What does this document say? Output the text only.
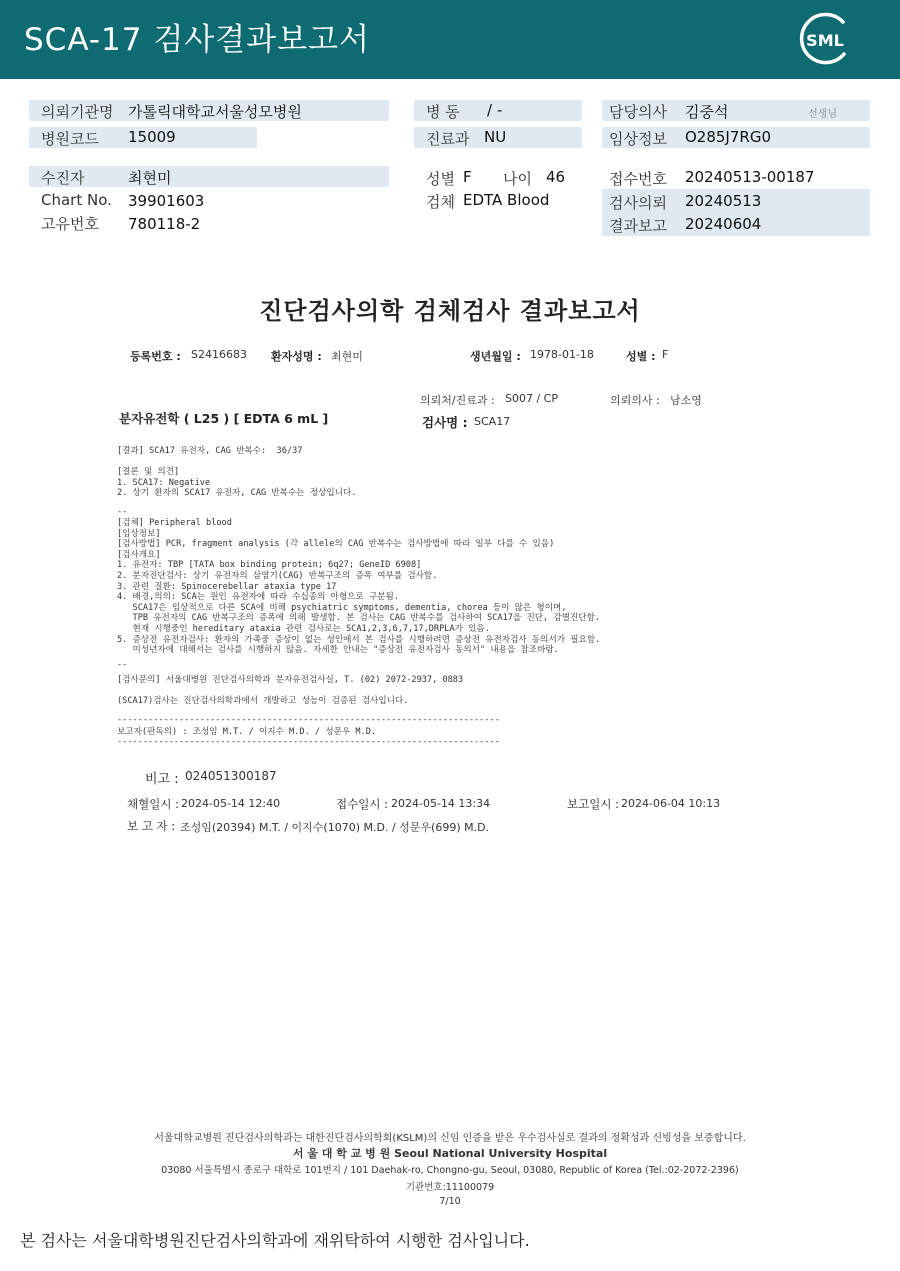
SCA-17 검사결과보고서	SML
의뢰기관명 가톨릭대학교서울성모병원
병원코드 15009
병 동 / -
진료과 NU
담당의사 김중석	선생님
임상정보 O285J7RG0
수진자	최현미
Chart No. 39901603
고유번호 780118-2
성별 F 나이 46
검체 EDTA Blood
접수번호 20240513-00187
검사의뢰 20240513
결과보고 20240604
진단검사의학 검체검사 결과보고서
등록번호 : S2416683 환자성명 : 최현미	생년월일 : 1978-01-18	성별 : F
의뢰처/진료과 : S007 / CP	의뢰의사 : 남소영
분자유전학 ( L25 ) [ EDTA 6 mL ]	검사명 : SCA17
[결과] SCA17 유전자, CAG 반복수:  36/37
[결론 및 의견]
1. SCA17: Negative
2. 상기 환자의 SCA17 유전자, CAG 반복수는 정상입니다.
--
[검체] Peripheral blood
[임상정보]
[검사방법] PCR, fragment analysis (각 allele의 CAG 반복수는 검사방법에 따라 일부 다를 수 있음)
[검사개요]
1. 유전자: TBP [TATA box binding protein; 6q27; GeneID 6908]
2. 분자진단검사: 상기 유전자의 삼염기(CAG) 반복구조의 증폭 여부를 검사함.
3. 관련 질환: Spinocerebellar ataxia type 17
4. 배경,의의: SCA는 원인 유전자에 따라 수십종의 아형으로 구분됨.
SCA17은 임상적으로 다른 SCA에 비해 psychiatric symptoms, dementia, chorea 등이 많은 형이며,
TPB 유전자의 CAG 반복구조의 증폭에 의해 발생함. 본 검사는 CAG 반복수를 검사하여 SCA17을 진단, 감별진단함.
현재 시행중인 hereditary ataxia 관련 검사로는 SCA1,2,3,6,7,17,DRPLA가 있음.
5. 증상전 유전자검사: 환자의 가족중 증상이 없는 성인에서 본 검사를 시행하려면 증상전 유전자검사 동의서가 필요함.
미성년자에 대해서는 검사를 시행하지 않음. 자세한 안내는 "증상전 유전자검사 동의서" 내용을 참조바람.
--
[검사문의] 서울대병원 진단검사의학과 분자유전검사실, T. (02) 2072-2937, 0883
(SCA17)검사는 진단검사의학과에서 개발하고 성능이 검증된 검사입니다.
--------------------------------------------------------------------------
보고자(판독의) : 조성임 M.T. / 이지수 M.D. / 성문우 M.D.
--------------------------------------------------------------------------
비고 : 024051300187
채혈일시 : 2024-05-14 12:40	접수일시 : 2024-05-14 13:34	보고일시 : 2024-06-04 10:13
보 고 자 : 조성임(20394) M.T. / 이지수(1070) M.D. / 성문우(699) M.D.
서울대학교병원 진단검사의학과는 대한진단검사의학회(KSLM)의 신임 인증을 받은 우수검사실로 결과의 정확성과 신빙성을 보증합니다.
서 울 대 학 교 병 원 Seoul National University Hospital
03080 서울특별시 종로구 대학로 101번지 / 101 Daehak-ro, Chongno-gu, Seoul, 03080, Republic of Korea (Tel.:02-2072-2396)
기관번호:11100079
7/10
본 검사는 서울대학병원진단검사의학과에 재위탁하여 시행한 검사입니다.
